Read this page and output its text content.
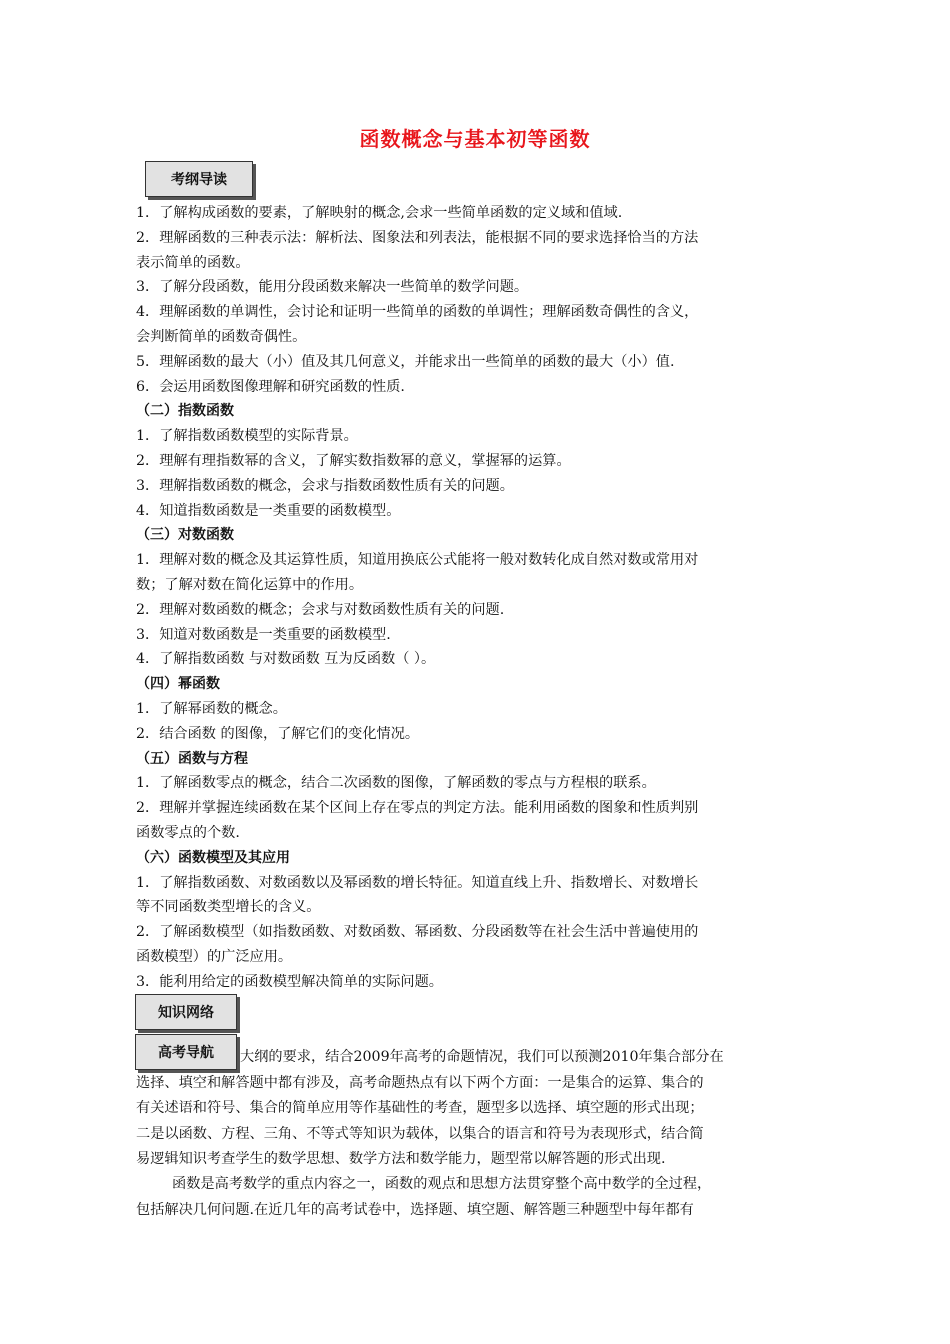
函数概念与基本初等函数
考纲导读

1．了解构成函数的要素，了解映射的概念,会求一些简单函数的定义域和值域.

2．理解函数的三种表示法：解析法、图象法和列表法，能根据不同的要求选择恰当的方法

表示简单的函数。

3．了解分段函数，能用分段函数来解决一些简单的数学问题。

4．理解函数的单调性，会讨论和证明一些简单的函数的单调性；理解函数奇偶性的含义，

会判断简单的函数奇偶性。

5．理解函数的最大（小）值及其几何意义，并能求出一些简单的函数的最大（小）值.

6．会运用函数图像理解和研究函数的性质.

（二）指数函数

1．了解指数函数模型的实际背景。

2．理解有理指数幂的含义，了解实数指数幂的意义，掌握幂的运算。

3．理解指数函数的概念，会求与指数函数性质有关的问题。

4．知道指数函数是一类重要的函数模型。

（三）对数函数

1．理解对数的概念及其运算性质，知道用换底公式能将一般对数转化成自然对数或常用对

数；了解对数在简化运算中的作用。

2．理解对数函数的概念；会求与对数函数性质有关的问题.

3．知道对数函数是一类重要的函数模型.

4．了解指数函数 与对数函数 互为反函数（ ）。

（四）幂函数

1．了解幂函数的概念。

2．结合函数 的图像，了解它们的变化情况。

（五）函数与方程

1．了解函数零点的概念，结合二次函数的图像，了解函数的零点与方程根的联系。

2．理解并掌握连续函数在某个区间上存在零点的判定方法。能利用函数的图象和性质判别

函数零点的个数.

（六）函数模型及其应用

1．了解指数函数、对数函数以及幂函数的增长特征。知道直线上升、指数增长、对数增长

等不同函数类型增长的含义。

2．了解函数模型（如指数函数、对数函数、幂函数、分段函数等在社会生活中普遍使用的

函数模型）的广泛应用。

3．能利用给定的函数模型解决简单的实际问题。

大纲的要求，结合2009年高考的命题情况，我们可以预测2010年集合部分在

选择、填空和解答题中都有涉及，高考命题热点有以下两个方面：一是集合的运算、集合的

有关述语和符号、集合的简单应用等作基础性的考查，题型多以选择、填空题的形式出现；

二是以函数、方程、三角、不等式等知识为载体，以集合的语言和符号为表现形式，结合简

易逻辑知识考查学生的数学思想、数学方法和数学能力，题型常以解答题的形式出现.

函数是高考数学的重点内容之一，函数的观点和思想方法贯穿整个高中数学的全过程，

包括解决几何问题.在近几年的高考试卷中，选择题、填空题、解答题三种题型中每年都有

知识网络
高考导航
